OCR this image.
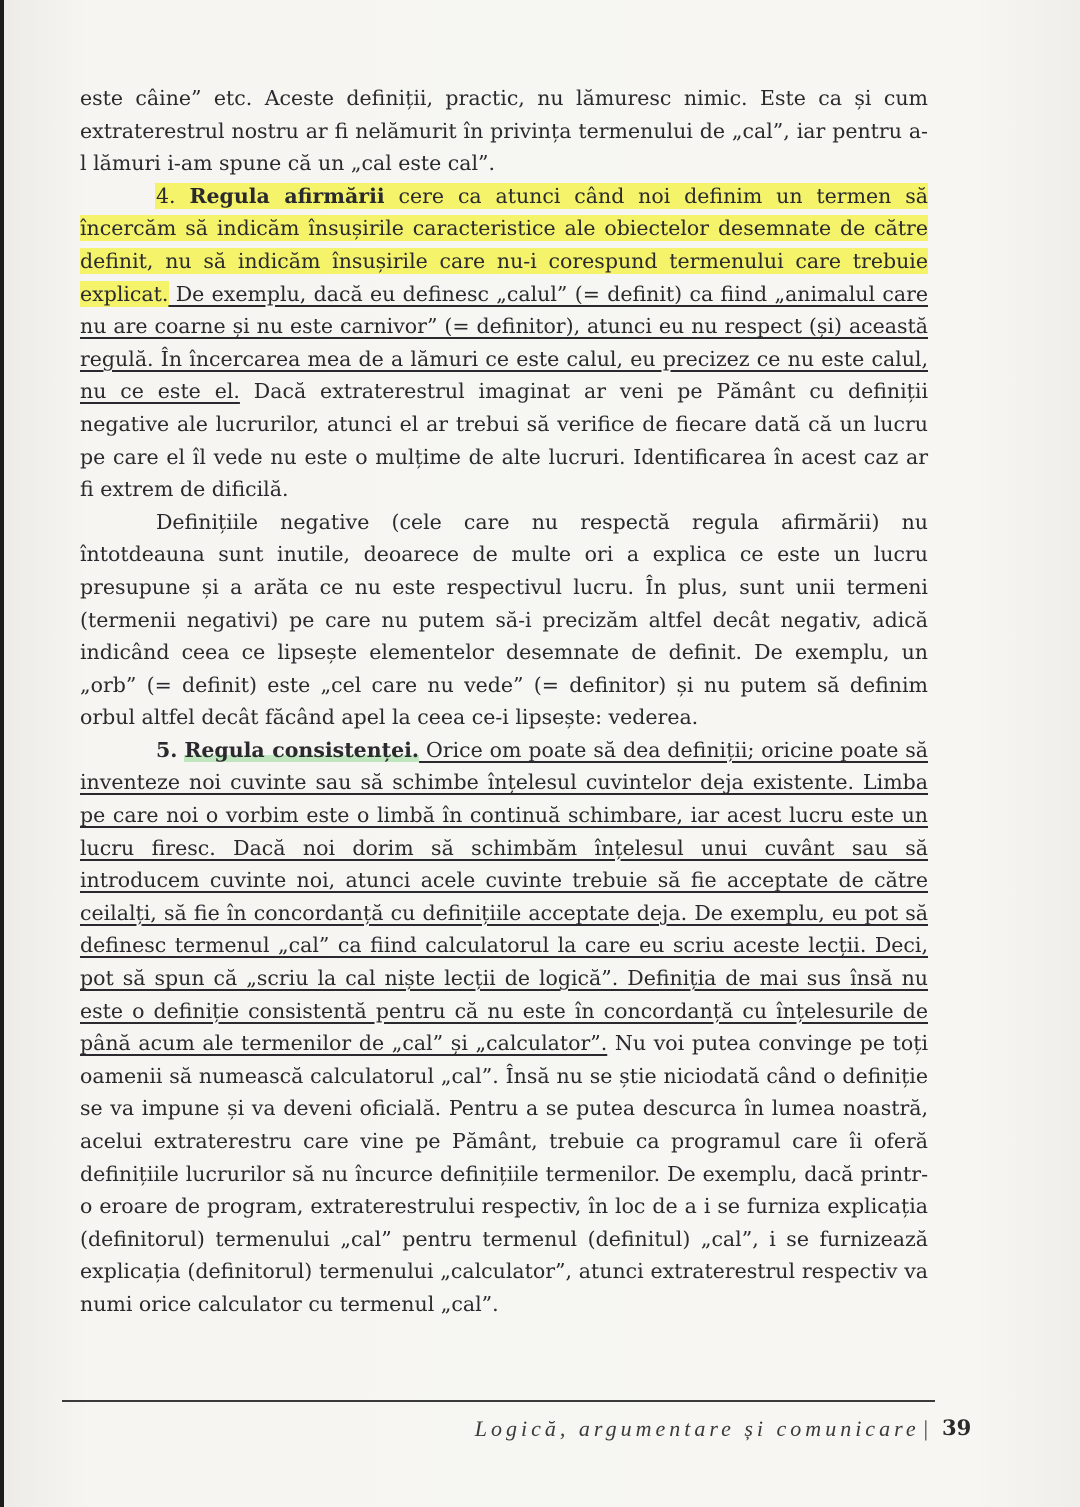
este câine” etc. Aceste definiții, practic, nu lămuresc nimic. Este ca și cum extraterestrul nostru ar fi nelămurit în privința termenului de „cal”, iar pentru a-l lămuri i-am spune că un „cal este cal”.

4. Regula afirmării cere ca atunci când noi definim un termen să încercăm să indicăm însușirile caracteristice ale obiectelor desemnate de către definit, nu să indicăm însușirile care nu-i corespund termenului care trebuie explicat. De exemplu, dacă eu definesc „calul” (= definit) ca fiind „animalul care nu are coarne și nu este carnivor” (= definitor), atunci eu nu respect (și) această regulă. În încercarea mea de a lămuri ce este calul, eu precizez ce nu este calul, nu ce este el. Dacă extraterestrul imaginat ar veni pe Pământ cu definiții negative ale lucrurilor, atunci el ar trebui să verifice de fiecare dată că un lucru pe care el îl vede nu este o mulțime de alte lucruri. Identificarea în acest caz ar fi extrem de dificilă.

Definițiile negative (cele care nu respectă regula afirmării) nu întotdeauna sunt inutile, deoarece de multe ori a explica ce este un lucru presupune și a arăta ce nu este respectivul lucru. În plus, sunt unii termeni (termenii negativi) pe care nu putem să-i precizăm altfel decât negativ, adică indicând ceea ce lipsește elementelor desemnate de definit. De exemplu, un „orb” (= definit) este „cel care nu vede” (= definitor) și nu putem să definim orbul altfel decât făcând apel la ceea ce-i lipsește: vederea.

5. Regula consistenței. Orice om poate să dea definiții; oricine poate să inventeze noi cuvinte sau să schimbe înțelesul cuvintelor deja existente. Limba pe care noi o vorbim este o limbă în continuă schimbare, iar acest lucru este un lucru firesc. Dacă noi dorim să schimbăm înțelesul unui cuvânt sau să introducem cuvinte noi, atunci acele cuvinte trebuie să fie acceptate de către ceilalți, să fie în concordanță cu definițiile acceptate deja. De exemplu, eu pot să definesc termenul „cal” ca fiind calculatorul la care eu scriu aceste lecții. Deci, pot să spun că „scriu la cal niște lecții de logică”. Definiția de mai sus însă nu este o definiție consistentă pentru că nu este în concordanță cu înțelesurile de până acum ale termenilor de „cal” și „calculator”. Nu voi putea convinge pe toți oamenii să numească calculatorul „cal”. Însă nu se știe niciodată când o definiție se va impune și va deveni oficială. Pentru a se putea descurca în lumea noastră, acelui extraterestru care vine pe Pământ, trebuie ca programul care îi oferă definițiile lucrurilor să nu încurce definițiile termenilor. De exemplu, dacă printr-o eroare de program, extraterestrului respectiv, în loc de a i se furniza explicația (definitorul) termenului „cal” pentru termenul (definitul) „cal”, i se furnizează explicația (definitorul) termenului „calculator”, atunci extraterestrul respectiv va numi orice calculator cu termenul „cal”.

Logică, argumentare și comunicare | 39
